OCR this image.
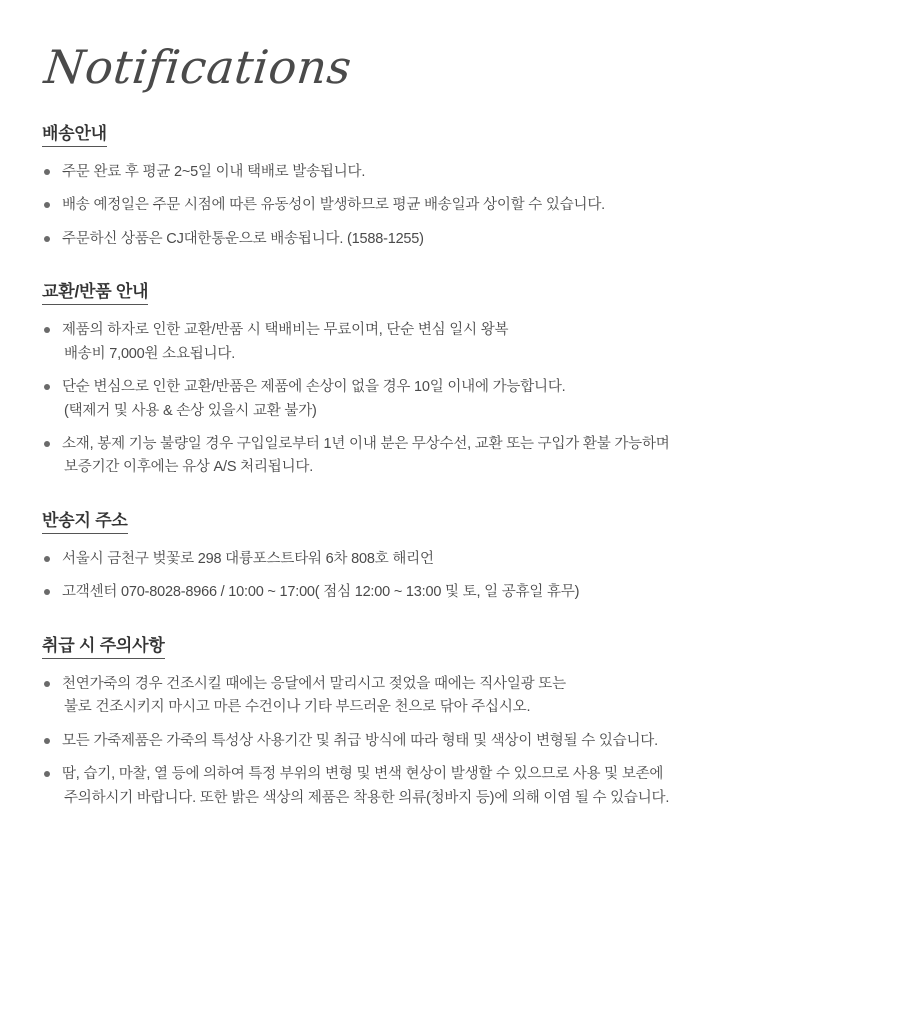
Notifications
배송안내
주문 완료 후 평균 2~5일 이내 택배로 발송됩니다.
배송 예정일은 주문 시점에 따른 유동성이 발생하므로 평균 배송일과 상이할 수 있습니다.
주문하신 상품은 CJ대한통운으로 배송됩니다. (1588-1255)
교환/반품 안내
제품의 하자로 인한 교환/반품 시 택배비는 무료이며, 단순 변심 일시 왕복
배송비 7,000원 소요됩니다.
단순 변심으로 인한 교환/반품은 제품에 손상이 없을 경우 10일 이내에 가능합니다.
(택제거 및 사용 & 손상 있을시 교환 불가)
소재, 봉제 기능 불량일 경우 구입일로부터 1년 이내 분은 무상수선, 교환 또는 구입가 환불 가능하며
보증기간 이후에는 유상 A/S 처리됩니다.
반송지 주소
서울시 금천구 벚꽃로 298 대륭포스트타워 6차 808호 해리언
고객센터 070-8028-8966 / 10:00 ~ 17:00( 점심 12:00 ~ 13:00 및 토, 일 공휴일 휴무)
취급 시 주의사항
천연가죽의 경우 건조시킬 때에는 응달에서 말리시고 젖었을 때에는 직사일광 또는
불로 건조시키지 마시고 마른 수건이나 기타 부드러운 천으로 닦아 주십시오.
모든 가죽제품은 가죽의 특성상 사용기간 및 취급 방식에 따라 형태 및 색상이 변형될 수 있습니다.
땀, 습기, 마찰, 열 등에 의하여 특정 부위의 변형 및 변색 현상이 발생할 수 있으므로 사용 및 보존에
주의하시기 바랍니다. 또한 밝은 색상의 제품은 착용한 의류(청바지 등)에 의해 이염 될 수 있습니다.
